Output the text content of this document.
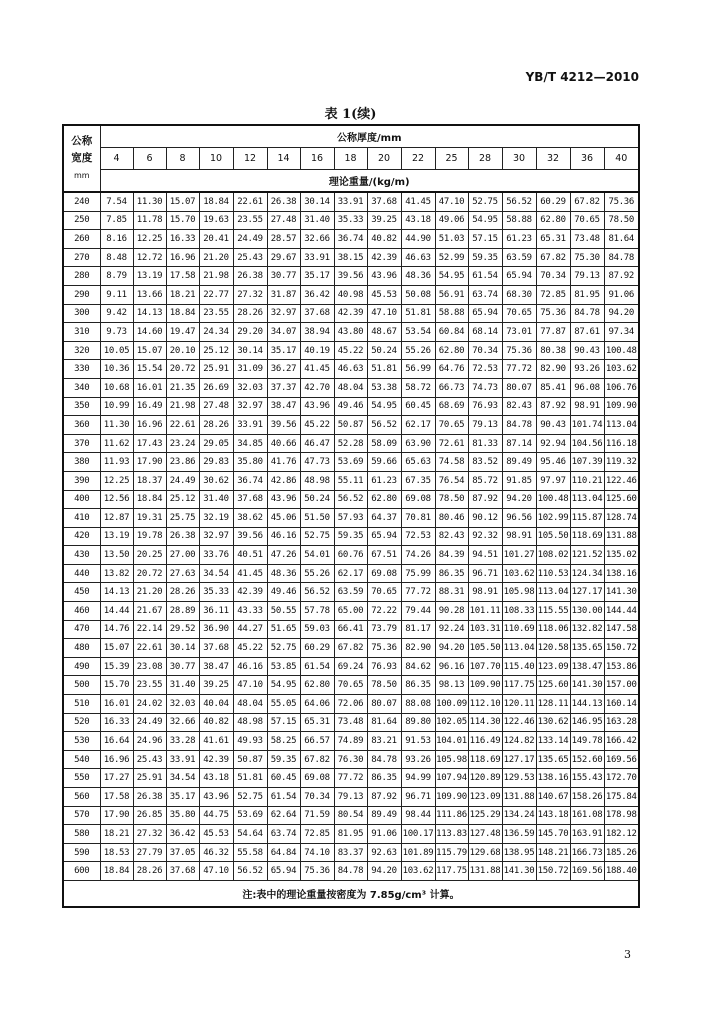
YB/T 4212—2010
表 1(续)
公称
宽度
mm	公称厚度/mm															
	4	6	8	10	12	14	16	18	20	22	25	28	30	32	36	40
	理论重量/(kg/m)															
240	7.54	11.30	15.07	18.84	22.61	26.38	30.14	33.91	37.68	41.45	47.10	52.75	56.52	60.29	67.82	75.36
250	7.85	11.78	15.70	19.63	23.55	27.48	31.40	35.33	39.25	43.18	49.06	54.95	58.88	62.80	70.65	78.50
260	8.16	12.25	16.33	20.41	24.49	28.57	32.66	36.74	40.82	44.90	51.03	57.15	61.23	65.31	73.48	81.64
270	8.48	12.72	16.96	21.20	25.43	29.67	33.91	38.15	42.39	46.63	52.99	59.35	63.59	67.82	75.30	84.78
280	8.79	13.19	17.58	21.98	26.38	30.77	35.17	39.56	43.96	48.36	54.95	61.54	65.94	70.34	79.13	87.92
290	9.11	13.66	18.21	22.77	27.32	31.87	36.42	40.98	45.53	50.08	56.91	63.74	68.30	72.85	81.95	91.06
300	9.42	14.13	18.84	23.55	28.26	32.97	37.68	42.39	47.10	51.81	58.88	65.94	70.65	75.36	84.78	94.20
310	9.73	14.60	19.47	24.34	29.20	34.07	38.94	43.80	48.67	53.54	60.84	68.14	73.01	77.87	87.61	97.34
320	10.05	15.07	20.10	25.12	30.14	35.17	40.19	45.22	50.24	55.26	62.80	70.34	75.36	80.38	90.43	100.48
330	10.36	15.54	20.72	25.91	31.09	36.27	41.45	46.63	51.81	56.99	64.76	72.53	77.72	82.90	93.26	103.62
340	10.68	16.01	21.35	26.69	32.03	37.37	42.70	48.04	53.38	58.72	66.73	74.73	80.07	85.41	96.08	106.76
350	10.99	16.49	21.98	27.48	32.97	38.47	43.96	49.46	54.95	60.45	68.69	76.93	82.43	87.92	98.91	109.90
360	11.30	16.96	22.61	28.26	33.91	39.56	45.22	50.87	56.52	62.17	70.65	79.13	84.78	90.43	101.74	113.04
370	11.62	17.43	23.24	29.05	34.85	40.66	46.47	52.28	58.09	63.90	72.61	81.33	87.14	92.94	104.56	116.18
380	11.93	17.90	23.86	29.83	35.80	41.76	47.73	53.69	59.66	65.63	74.58	83.52	89.49	95.46	107.39	119.32
390	12.25	18.37	24.49	30.62	36.74	42.86	48.98	55.11	61.23	67.35	76.54	85.72	91.85	97.97	110.21	122.46
400	12.56	18.84	25.12	31.40	37.68	43.96	50.24	56.52	62.80	69.08	78.50	87.92	94.20	100.48	113.04	125.60
410	12.87	19.31	25.75	32.19	38.62	45.06	51.50	57.93	64.37	70.81	80.46	90.12	96.56	102.99	115.87	128.74
420	13.19	19.78	26.38	32.97	39.56	46.16	52.75	59.35	65.94	72.53	82.43	92.32	98.91	105.50	118.69	131.88
430	13.50	20.25	27.00	33.76	40.51	47.26	54.01	60.76	67.51	74.26	84.39	94.51	101.27	108.02	121.52	135.02
440	13.82	20.72	27.63	34.54	41.45	48.36	55.26	62.17	69.08	75.99	86.35	96.71	103.62	110.53	124.34	138.16
450	14.13	21.20	28.26	35.33	42.39	49.46	56.52	63.59	70.65	77.72	88.31	98.91	105.98	113.04	127.17	141.30
460	14.44	21.67	28.89	36.11	43.33	50.55	57.78	65.00	72.22	79.44	90.28	101.11	108.33	115.55	130.00	144.44
470	14.76	22.14	29.52	36.90	44.27	51.65	59.03	66.41	73.79	81.17	92.24	103.31	110.69	118.06	132.82	147.58
480	15.07	22.61	30.14	37.68	45.22	52.75	60.29	67.82	75.36	82.90	94.20	105.50	113.04	120.58	135.65	150.72
490	15.39	23.08	30.77	38.47	46.16	53.85	61.54	69.24	76.93	84.62	96.16	107.70	115.40	123.09	138.47	153.86
500	15.70	23.55	31.40	39.25	47.10	54.95	62.80	70.65	78.50	86.35	98.13	109.90	117.75	125.60	141.30	157.00
510	16.01	24.02	32.03	40.04	48.04	55.05	64.06	72.06	80.07	88.08	100.09	112.10	120.11	128.11	144.13	160.14
520	16.33	24.49	32.66	40.82	48.98	57.15	65.31	73.48	81.64	89.80	102.05	114.30	122.46	130.62	146.95	163.28
530	16.64	24.96	33.28	41.61	49.93	58.25	66.57	74.89	83.21	91.53	104.01	116.49	124.82	133.14	149.78	166.42
540	16.96	25.43	33.91	42.39	50.87	59.35	67.82	76.30	84.78	93.26	105.98	118.69	127.17	135.65	152.60	169.56
550	17.27	25.91	34.54	43.18	51.81	60.45	69.08	77.72	86.35	94.99	107.94	120.89	129.53	138.16	155.43	172.70
560	17.58	26.38	35.17	43.96	52.75	61.54	70.34	79.13	87.92	96.71	109.90	123.09	131.88	140.67	158.26	175.84
570	17.90	26.85	35.80	44.75	53.69	62.64	71.59	80.54	89.49	98.44	111.86	125.29	134.24	143.18	161.08	178.98
580	18.21	27.32	36.42	45.53	54.64	63.74	72.85	81.95	91.06	100.17	113.83	127.48	136.59	145.70	163.91	182.12
590	18.53	27.79	37.05	46.32	55.58	64.84	74.10	83.37	92.63	101.89	115.79	129.68	138.95	148.21	166.73	185.26
600	18.84	28.26	37.68	47.10	56.52	65.94	75.36	84.78	94.20	103.62	117.75	131.88	141.30	150.72	169.56	188.40
注:表中的理论重量按密度为 7.85g/cm³ 计算。																
3
